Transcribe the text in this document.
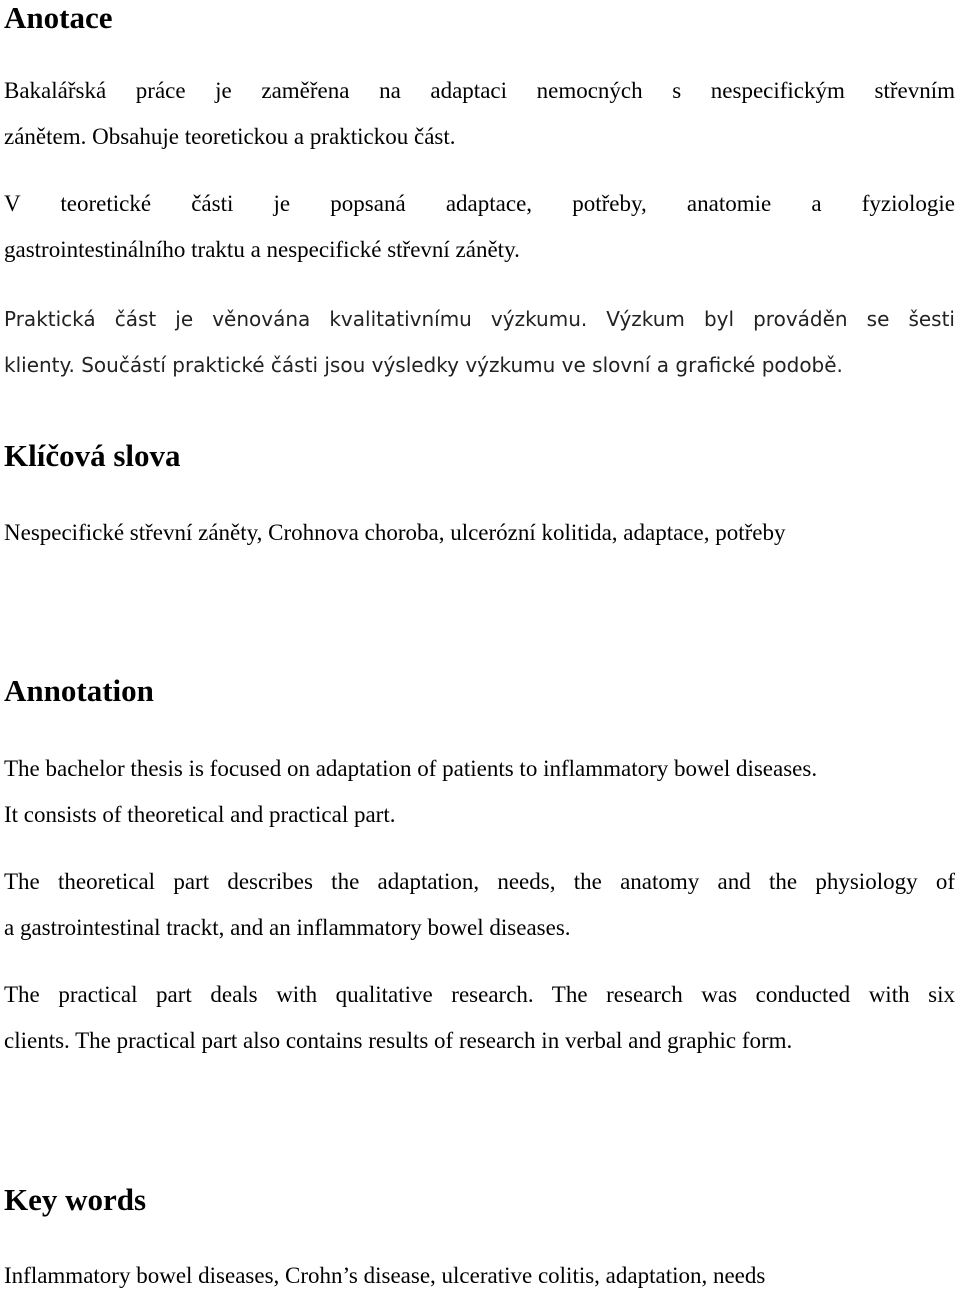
Anotace
Bakalářská práce je zaměřena na adaptaci nemocných s nespecifickým střevním
zánětem. Obsahuje teoretickou a praktickou část.
V teoretické části je popsaná adaptace, potřeby, anatomie a fyziologie
gastrointestinálního traktu a nespecifické střevní záněty.
Praktická část je věnována kvalitativnímu výzkumu. Výzkum byl prováděn se šesti
klienty. Součástí praktické části jsou výsledky výzkumu ve slovní a grafické podobě.
Klíčová slova
Nespecifické střevní záněty, Crohnova choroba, ulcerózní kolitida, adaptace, potřeby
Annotation
The bachelor thesis is focused on adaptation of patients to inflammatory bowel diseases.
It consists of theoretical and practical part.
The theoretical part describes the adaptation, needs, the anatomy and the physiology of
a gastrointestinal trackt, and an inflammatory bowel diseases.
The practical part deals with qualitative research. The research was conducted with six
clients. The practical part also contains results of research in verbal and graphic form.
Key words
Inflammatory bowel diseases, Crohn’s disease, ulcerative colitis, adaptation, needs
